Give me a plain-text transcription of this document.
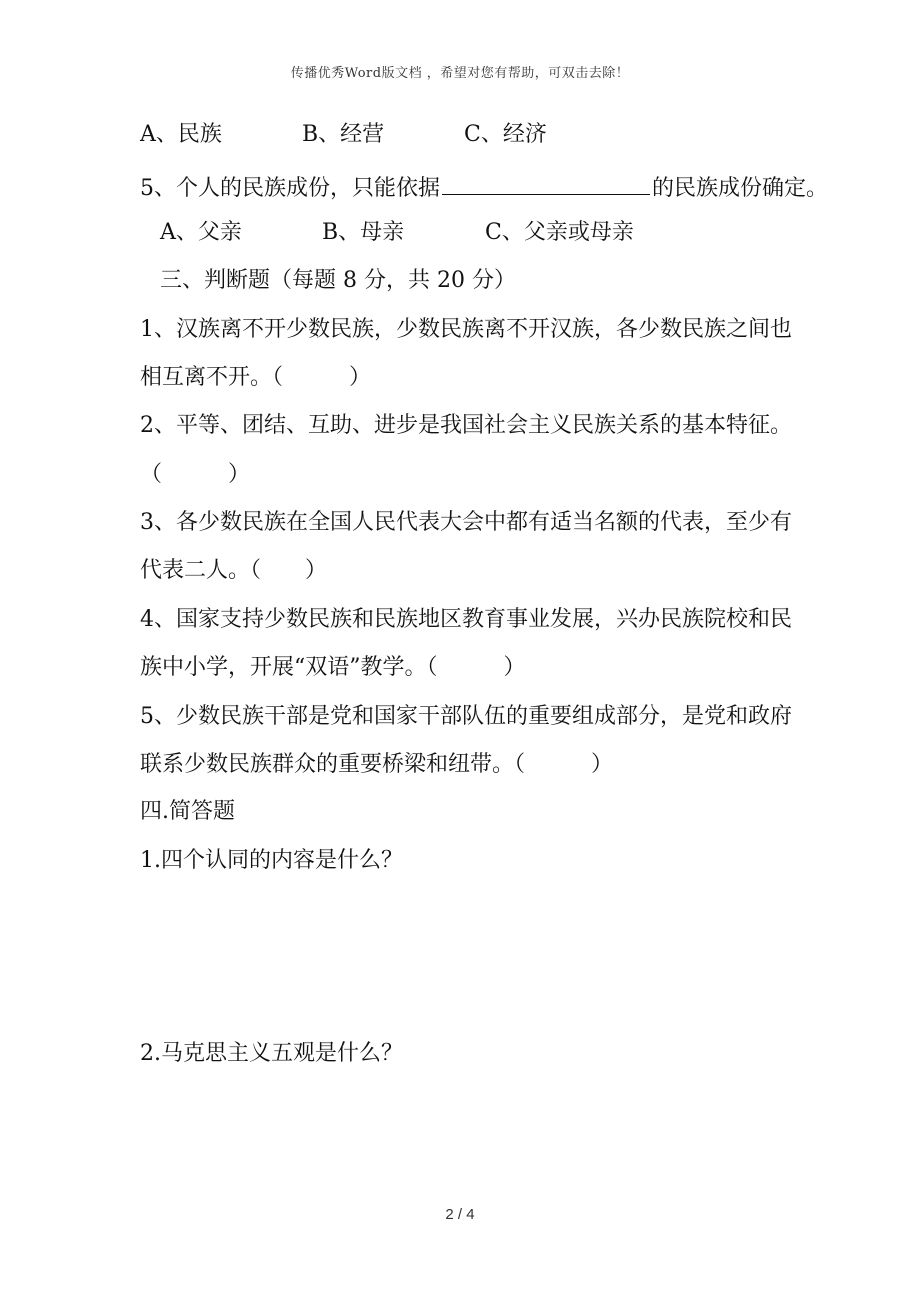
传播优秀Word版文档 ，希望对您有帮助，可双击去除！
A、民族	B、经营	C、经济
5、个人的民族成份，只能依据	的民族成份确定。
A、父亲	B、母亲	C、父亲或母亲
三、判断题（每题 8 分，共 20 分）
1、汉族离不开少数民族，少数民族离不开汉族，各少数民族之间也
相互离不开。（　　　）
2、平等、团结、互助、进步是我国社会主义民族关系的基本特征。
（　　　）
3、各少数民族在全国人民代表大会中都有适当名额的代表，至少有
代表二人。（　　）
4、国家支持少数民族和民族地区教育事业发展，兴办民族院校和民
族中小学，开展“双语”教学。（　　　）
5、少数民族干部是党和国家干部队伍的重要组成部分，是党和政府
联系少数民族群众的重要桥梁和纽带。（　　　）
四.简答题
1.四个认同的内容是什么？
2.马克思主义五观是什么？
2 / 4
